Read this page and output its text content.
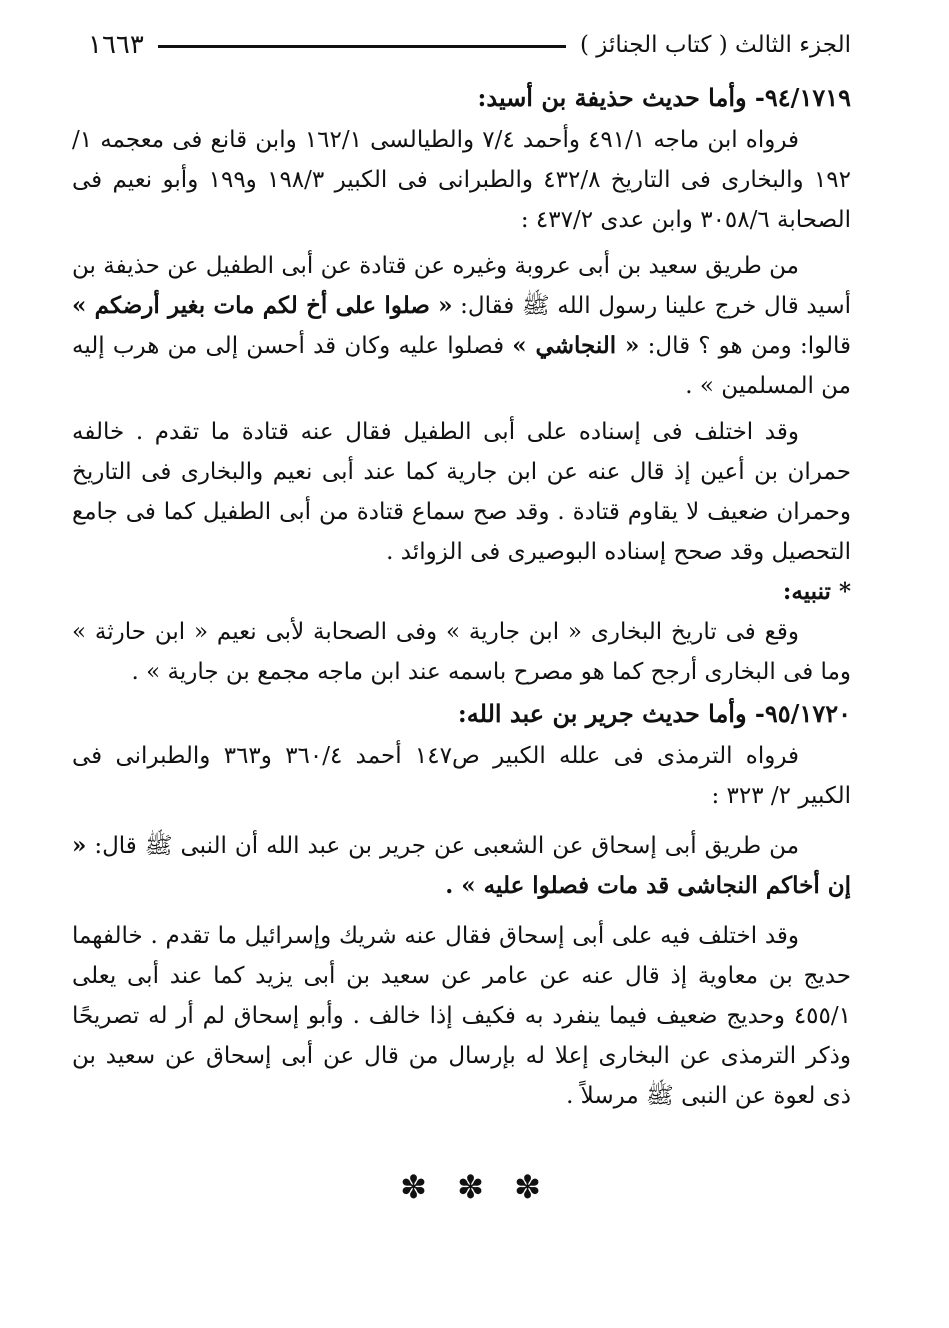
الجزء الثالث ( كتاب الجنائز )
١٦٦٣

٩٤/١٧١٩- وأما حديث حذيفة بن أسيد:

فرواه ابن ماجه ٤٩١/١ وأحمد ٧/٤ والطيالسى ١٦٢/١ وابن قانع فى معجمه ١/ ١٩٢ والبخارى فى التاريخ ٤٣٢/٨ والطبرانى فى الكبير ١٩٨/٣ و١٩٩ وأبو نعيم فى الصحابة ٣٠٥٨/٦ وابن عدى ٤٣٧/٢ :

من طريق سعيد بن أبى عروبة وغيره عن قتادة عن أبى الطفيل عن حذيفة بن أسيد قال خرج علينا رسول الله ﷺ فقال: « صلوا على أخ لكم مات بغير أرضكم » قالوا: ومن هو ؟ قال: « النجاشي » فصلوا عليه وكان قد أحسن إلى من هرب إليه من المسلمين » .

وقد اختلف فى إسناده على أبى الطفيل فقال عنه قتادة ما تقدم . خالفه حمران بن أعين إذ قال عنه عن ابن جارية كما عند أبى نعيم والبخارى فى التاريخ وحمران ضعيف لا يقاوم قتادة . وقد صح سماع قتادة من أبى الطفيل كما فى جامع التحصيل وقد صحح إسناده البوصيرى فى الزوائد .

* تنبيه:

وقع فى تاريخ البخارى « ابن جارية » وفى الصحابة لأبى نعيم « ابن حارثة » وما فى البخارى أرجح كما هو مصرح باسمه عند ابن ماجه مجمع بن جارية » .

٩٥/١٧٢٠- وأما حديث جرير بن عبد الله:

فرواه الترمذى فى علله الكبير ص١٤٧ أحمد ٣٦٠/٤ و٣٦٣ والطبرانى فى الكبير ٢/ ٣٢٣ :

من طريق أبى إسحاق عن الشعبى عن جرير بن عبد الله أن النبى ﷺ قال: « إن أخاكم النجاشى قد مات فصلوا عليه » .

وقد اختلف فيه على أبى إسحاق فقال عنه شريك وإسرائيل ما تقدم . خالفهما حديج بن معاوية إذ قال عنه عن عامر عن سعيد بن أبى يزيد كما عند أبى يعلى ٤٥٥/١ وحديج ضعيف فيما ينفرد به فكيف إذا خالف . وأبو إسحاق لم أر له تصريحًا وذكر الترمذى عن البخارى إعلا له بإرسال من قال عن أبى إسحاق عن سعيد بن ذى لعوة عن النبى ﷺ مرسلاً .

✽ ✽ ✽
